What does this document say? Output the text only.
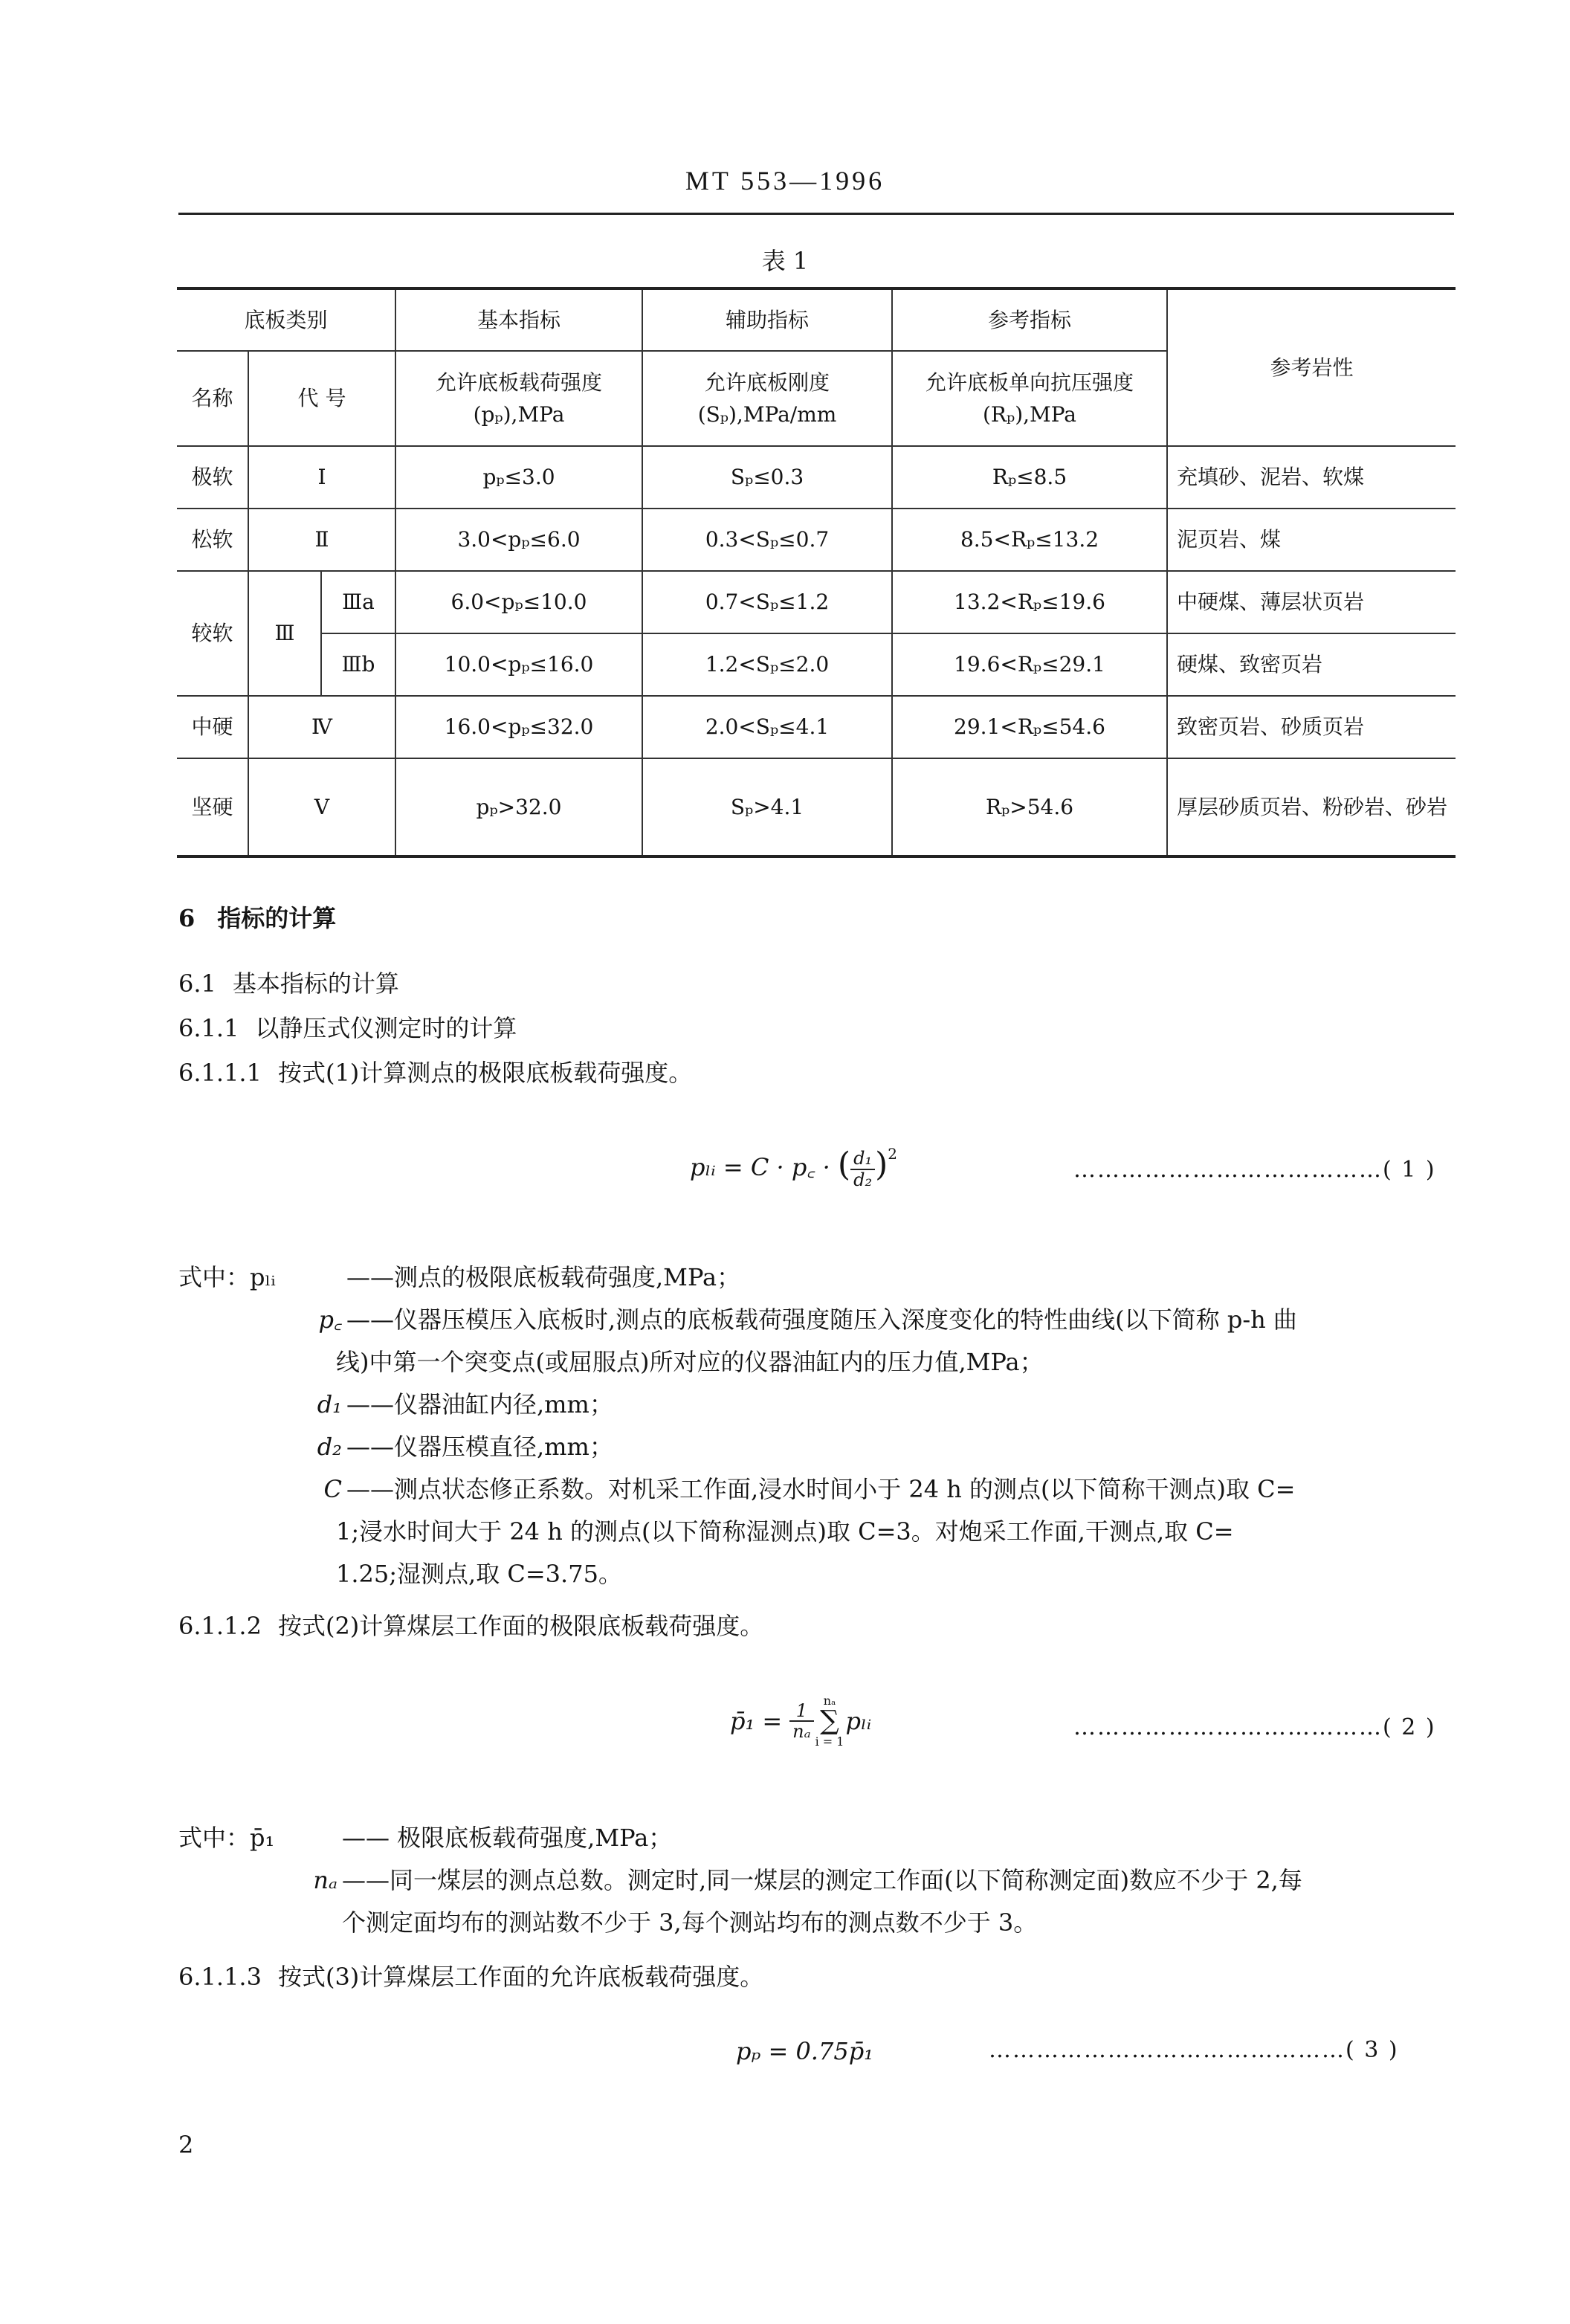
MT 553—1996
表 1
底板类别			基本指标	辅助指标	参考指标	参考岩性
名称	代 号		允许底板载荷强度 (pₚ),MPa	允许底板刚度 (Sₚ),MPa/mm	允许底板单向抗压强度 (Rₚ),MPa	
极软	Ⅰ		pₚ≤3.0	Sₚ≤0.3	Rₚ≤8.5	充填砂、泥岩、软煤
松软	Ⅱ		3.0<pₚ≤6.0	0.3<Sₚ≤0.7	8.5<Rₚ≤13.2	泥页岩、煤
较软	Ⅲ	Ⅲa	6.0<pₚ≤10.0	0.7<Sₚ≤1.2	13.2<Rₚ≤19.6	中硬煤、薄层状页岩
		Ⅲb	10.0<pₚ≤16.0	1.2<Sₚ≤2.0	19.6<Rₚ≤29.1	硬煤、致密页岩
中硬	Ⅳ		16.0<pₚ≤32.0	2.0<Sₚ≤4.1	29.1<Rₚ≤54.6	致密页岩、砂质页岩
坚硬	Ⅴ		pₚ>32.0	Sₚ>4.1	Rₚ>54.6	厚层砂质页岩、粉砂岩、砂岩
6 指标的计算
6.1 基本指标的计算
6.1.1 以静压式仪测定时的计算
6.1.1.1 按式(1)计算测点的极限底板载荷强度。
pₗᵢ = C · p꜀ · ( $\frac{\text{d₁}}{\text{d₂}} )^2$
…………………………………( 1 )
式中：pₗᵢ	——测点的极限底板载荷强度,MPa；
p꜀ ——仪器压模压入底板时,测点的底板载荷强度随压入深度变化的特性曲线(以下简称 p-h 曲
线)中第一个突变点(或屈服点)所对应的仪器油缸内的压力值,MPa；
d₁ ——仪器油缸内径,mm；
d₂ ——仪器压模直径,mm；
C ——测点状态修正系数。对机采工作面,浸水时间小于 24 h 的测点(以下简称干测点)取 C=
1;浸水时间大于 24 h 的测点(以下简称湿测点)取 C=3。对炮采工作面,干测点,取 C=
1.25;湿测点,取 C=3.75。
6.1.1.2 按式(2)计算煤层工作面的极限底板载荷强度。
p̄₁ = $\frac{1}{\text{nₐ}}$
nₐ
∑
i = 1
pₗᵢ	…………………………………( 2 )
式中：p̄₁	—— 极限底板载荷强度,MPa；
nₐ ——同一煤层的测点总数。测定时,同一煤层的测定工作面(以下简称测定面)数应不少于 2,每
个测定面均布的测站数不少于 3,每个测站均布的测点数不少于 3。
6.1.1.3 按式(3)计算煤层工作面的允许底板载荷强度。
pₚ = 0.75p̄₁	………………………………………( 3 )
2
